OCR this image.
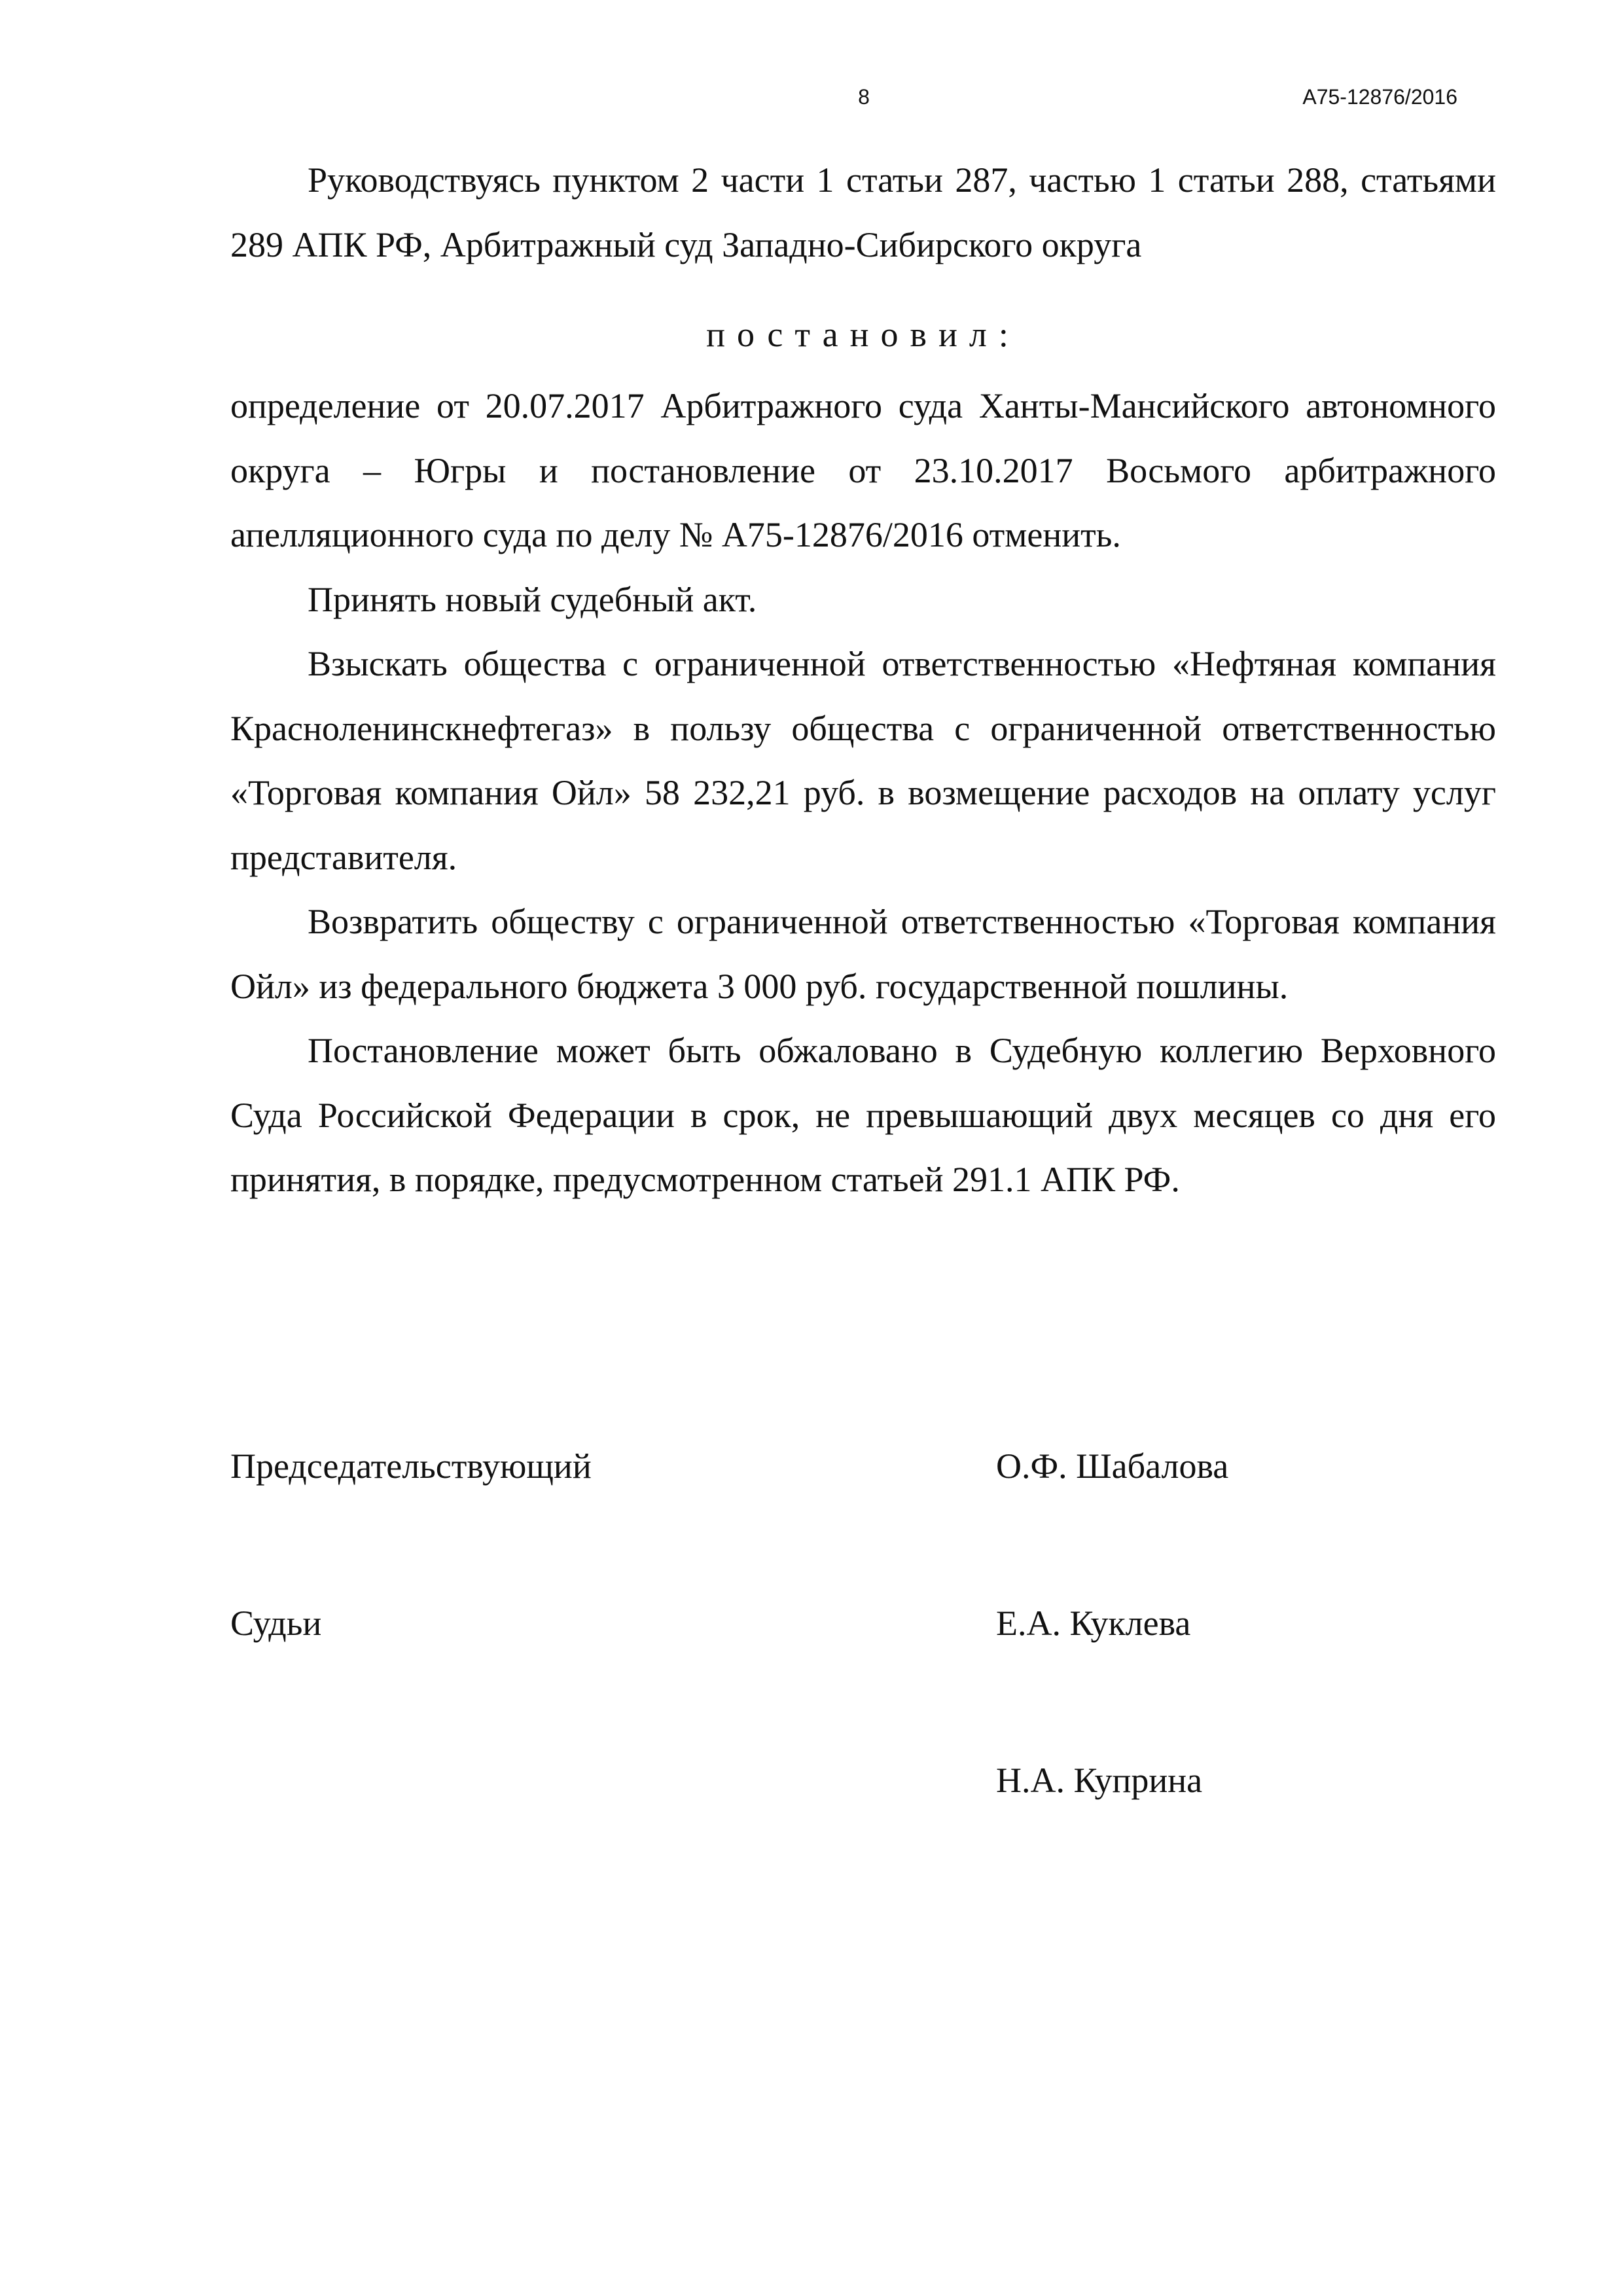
8	А75-12876/2016

Руководствуясь пунктом 2 части 1 статьи 287, частью 1 статьи 288, статьями 289 АПК РФ, Арбитражный суд Западно-Сибирского округа

постановил:

определение от 20.07.2017 Арбитражного суда Ханты-Мансийского автономного округа – Югры и постановление от 23.10.2017 Восьмого арбитражного апелляционного суда по делу № А75-12876/2016 отменить.

Принять новый судебный акт.

Взыскать общества с ограниченной ответственностью «Нефтяная компания Красноленинскнефтегаз» в пользу общества с ограниченной ответственностью «Торговая компания Ойл» 58 232,21 руб. в возмещение расходов на оплату услуг представителя.

Возвратить обществу с ограниченной ответственностью «Торговая компания Ойл» из федерального бюджета 3 000 руб. государственной пошлины.

Постановление может быть обжаловано в Судебную коллегию Верховного Суда Российской Федерации в срок, не превышающий двух месяцев со дня его принятия, в порядке, предусмотренном статьей 291.1 АПК РФ.

Председательствующий	О.Ф. Шабалова
Судьи	Е.А. Куклева
Н.А. Куприна
